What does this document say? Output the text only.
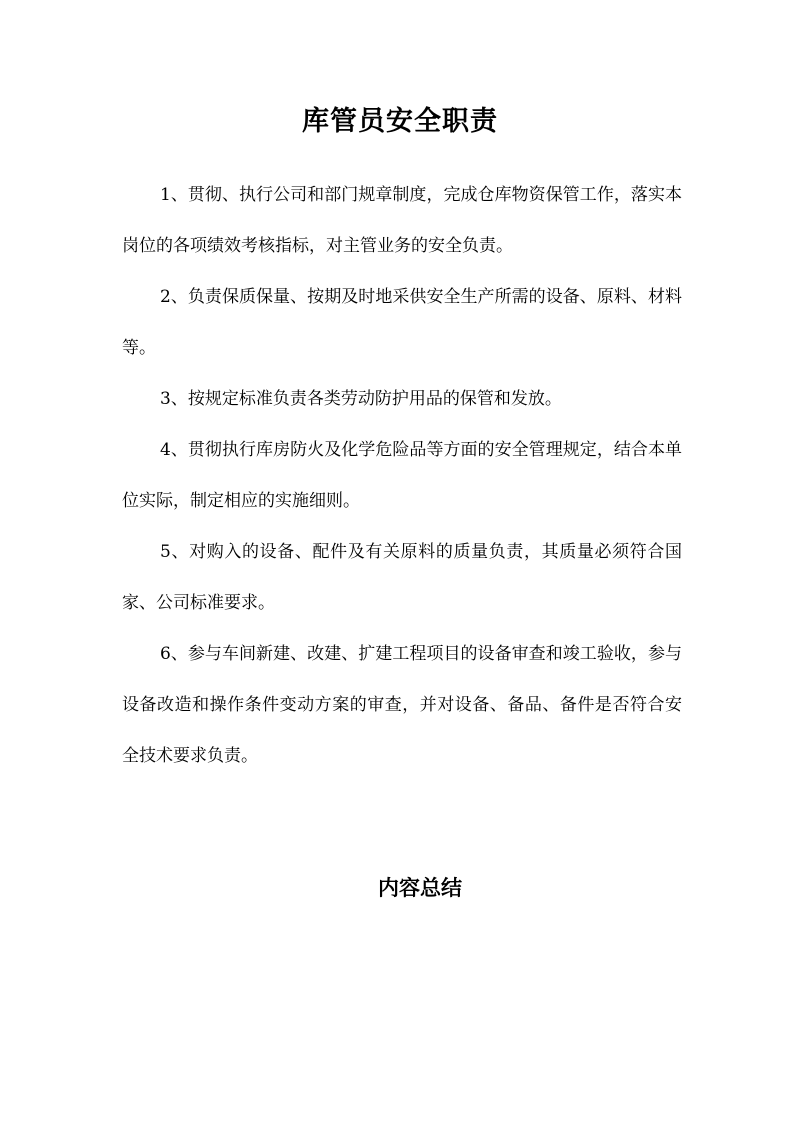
库管员安全职责

1、贯彻、执行公司和部门规章制度，完成仓库物资保管工作，落实本岗位的各项绩效考核指标，对主管业务的安全负责。

2、负责保质保量、按期及时地采供安全生产所需的设备、原料、材料等。

3、按规定标准负责各类劳动防护用品的保管和发放。

4、贯彻执行库房防火及化学危险品等方面的安全管理规定，结合本单位实际，制定相应的实施细则。

5、对购入的设备、配件及有关原料的质量负责，其质量必须符合国家、公司标准要求。

6、参与车间新建、改建、扩建工程项目的设备审查和竣工验收，参与设备改造和操作条件变动方案的审查，并对设备、备品、备件是否符合安全技术要求负责。

内容总结
